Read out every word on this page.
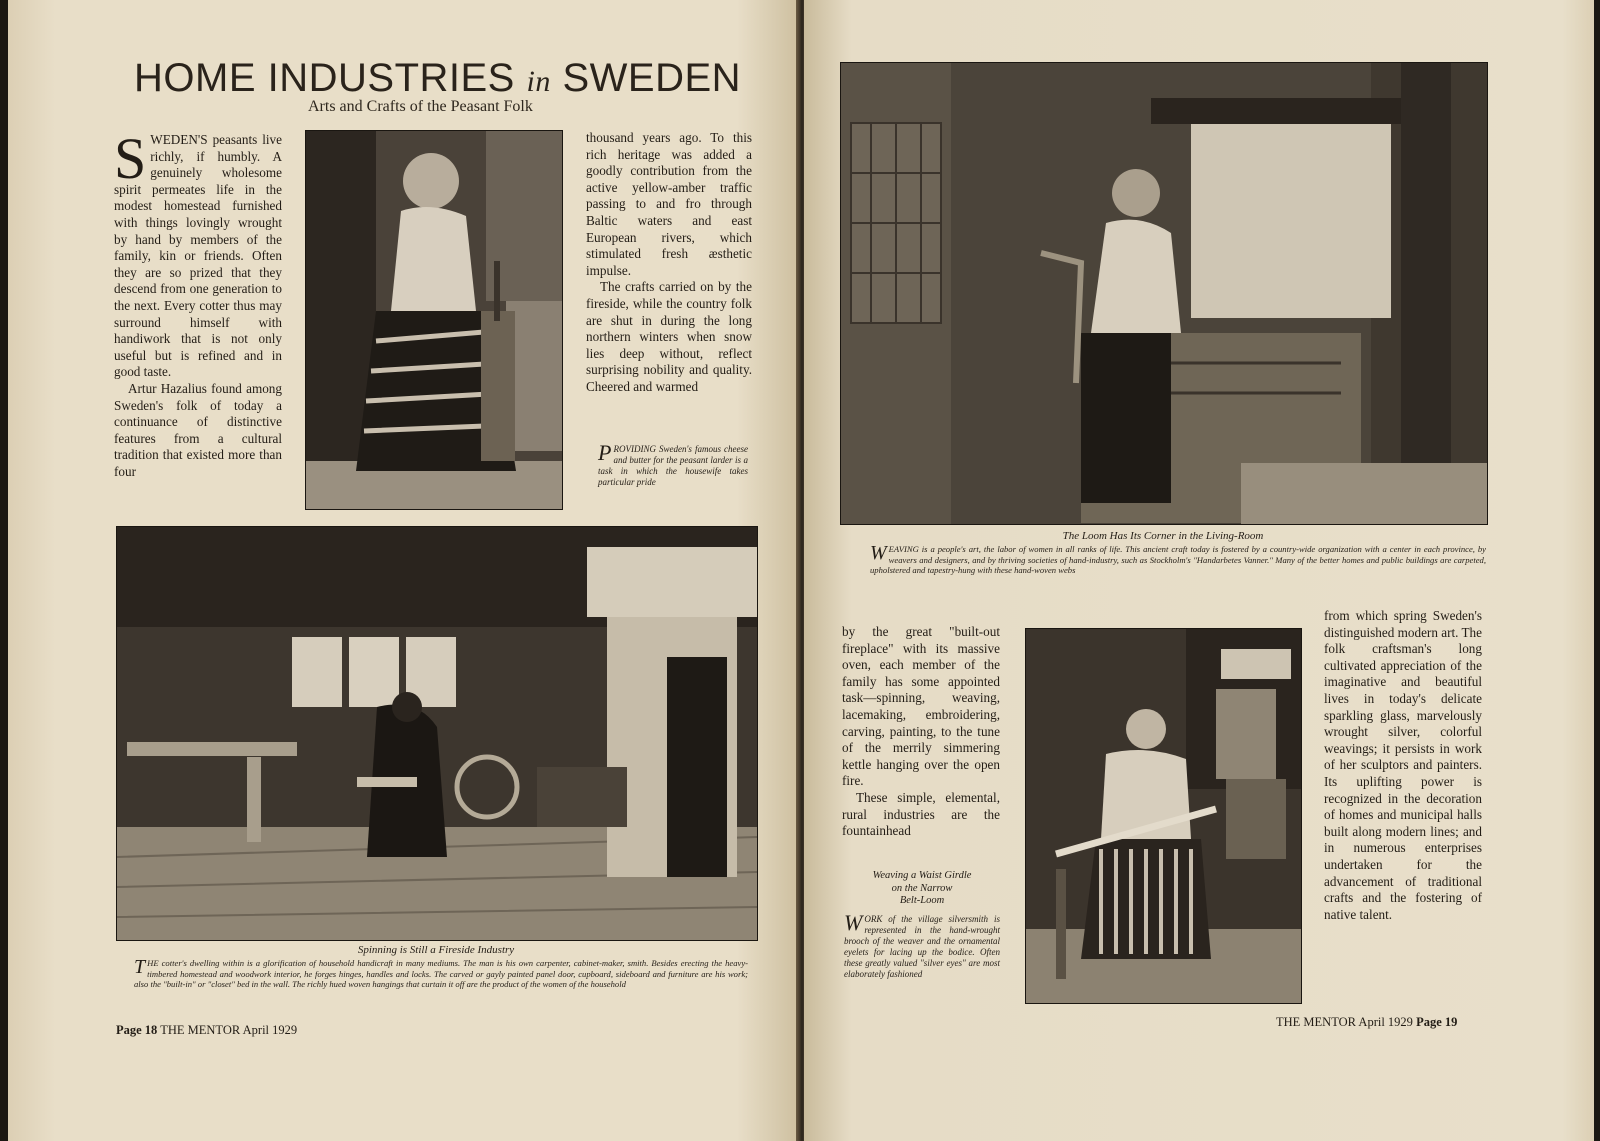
HOME INDUSTRIES in SWEDEN
Arts and Crafts of the Peasant Folk

SWEDEN'S peasants live richly, if humbly. A genuinely wholesome spirit permeates life in the modest homestead furnished with things lovingly wrought by hand by members of the family, kin or friends. Often they are so prized that they descend from one generation to the next. Every cotter thus may surround himself with handiwork that is not only useful but is refined and in good taste.

Artur Hazalius found among Sweden's folk of today a continuance of distinctive features from a cultural tradition that existed more than four

thousand years ago. To this rich heritage was added a goodly contribution from the active yellow-amber traffic passing to and fro through Baltic waters and east European rivers, which stimulated fresh æsthetic impulse.

The crafts carried on by the fireside, while the country folk are shut in during the long northern winters when snow lies deep without, reflect surprising nobility and quality. Cheered and warmed

PROVIDING Sweden's famous cheese and butter for the peasant larder is a task in which the housewife takes particular pride
Spinning is Still a Fireside Industry
THE cotter's dwelling within is a glorification of household handicraft in many mediums. The man is his own carpenter, cabinet-maker, smith. Besides erecting the heavy-timbered homestead and woodwork interior, he forges hinges, handles and locks. The carved or gayly painted panel door, cupboard, sideboard and furniture are his work; also the "built-in" or "closet" bed in the wall. The richly hued woven hangings that curtain it off are the product of the women of the household
Page 18 THE MENTOR April 1929
The Loom Has Its Corner in the Living-Room
WEAVING is a people's art, the labor of women in all ranks of life. This ancient craft today is fostered by a country-wide organization with a center in each province, by weavers and designers, and by thriving societies of hand-industry, such as Stockholm's "Handarbetes Vanner." Many of the better homes and public buildings are carpeted, upholstered and tapestry-hung with these hand-woven webs

by the great "built-out fireplace" with its massive oven, each member of the family has some appointed task—spinning, weaving, lacemaking, embroidering, carving, painting, to the tune of the merrily simmering kettle hanging over the open fire.

These simple, elemental, rural industries are the fountainhead

Weaving a Waist Girdle
on the Narrow
Belt-Loom
WORK of the village silversmith is represented in the hand-wrought brooch of the weaver and the ornamental eyelets for lacing up the bodice. Often these greatly valued "silver eyes" are most elaborately fashioned

from which spring Sweden's distinguished modern art. The folk craftsman's long cultivated appreciation of the imaginative and beautiful lives in today's delicate sparkling glass, marvelously wrought silver, colorful weavings; it persists in work of her sculptors and painters. Its uplifting power is recognized in the decoration of homes and municipal halls built along modern lines; and in numerous enterprises undertaken for the advancement of traditional crafts and the fostering of native talent.

THE MENTOR April 1929 Page 19
